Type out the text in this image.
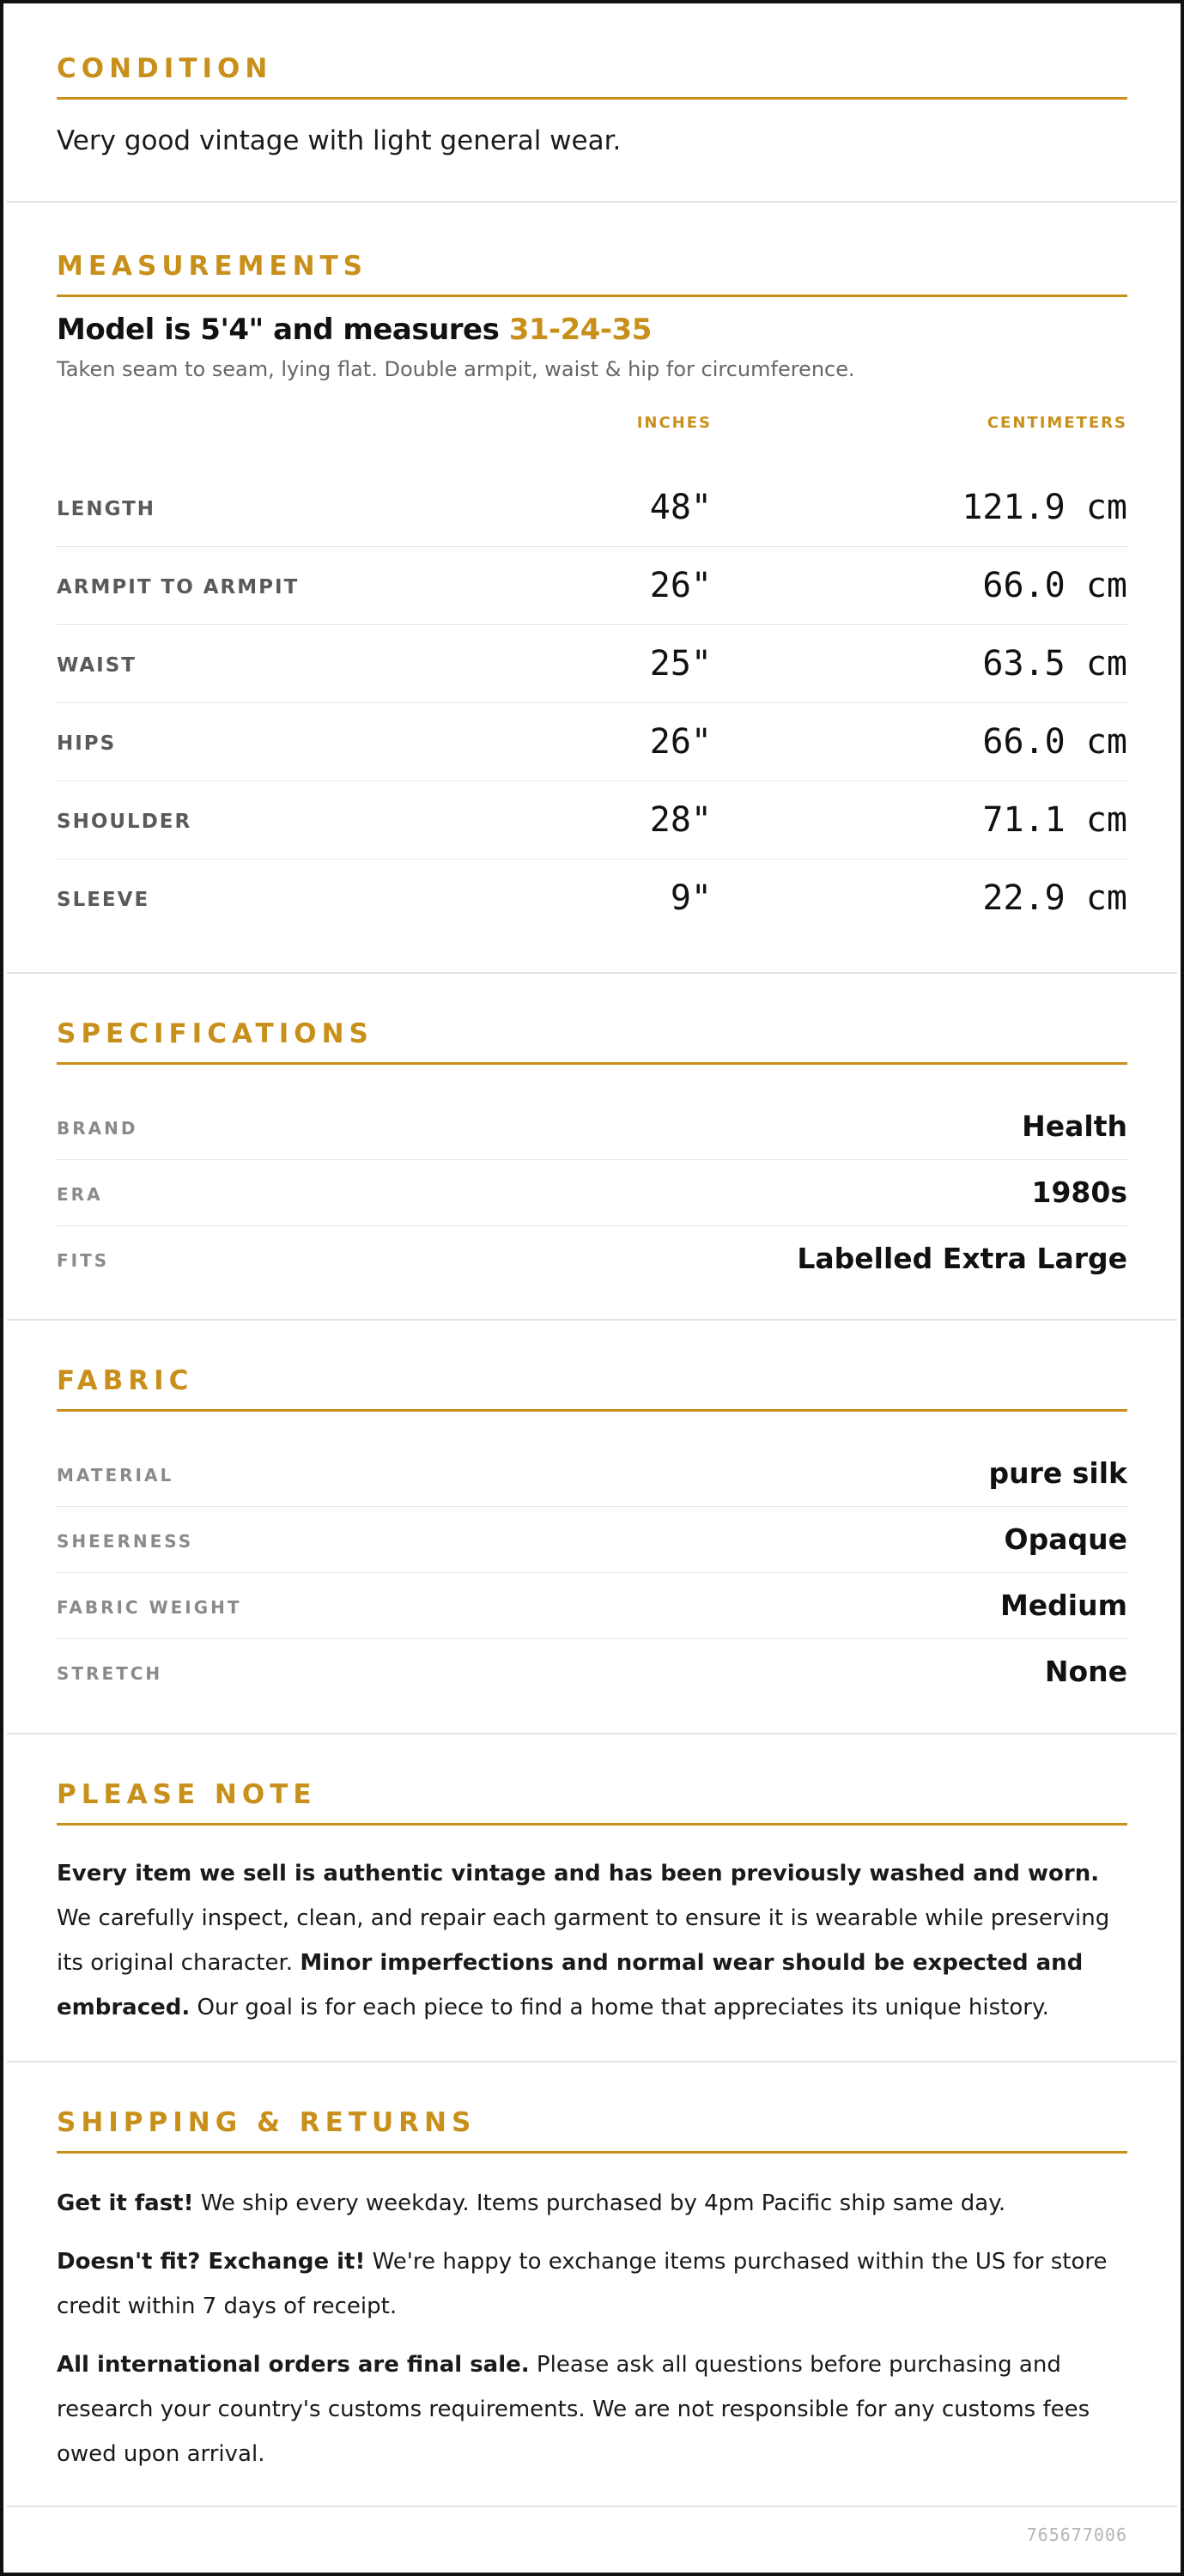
CONDITION
Very good vintage with light general wear.
MEASUREMENTS
Model is 5'4" and measures 31-24-35
Taken seam to seam, lying flat. Double armpit, waist & hip for circumference.
INCHES	CENTIMETERS
LENGTH	48"	121.9 cm
ARMPIT TO ARMPIT	26"	66.0 cm
WAIST	25"	63.5 cm
HIPS	26"	66.0 cm
SHOULDER	28"	71.1 cm
SLEEVE	9"	22.9 cm
SPECIFICATIONS
BRAND	Health
ERA	1980s
FITS	Labelled Extra Large
FABRIC
MATERIAL	pure silk
SHEERNESS	Opaque
FABRIC WEIGHT	Medium
STRETCH	None
PLEASE NOTE

Every item we sell is authentic vintage and has been previously washed and worn. We carefully inspect, clean, and repair each garment to ensure it is wearable while preserving its original character. Minor imperfections and normal wear should be expected and embraced. Our goal is for each piece to find a home that appreciates its unique history.

SHIPPING & RETURNS

Get it fast! We ship every weekday. Items purchased by 4pm Pacific ship same day.

Doesn't fit? Exchange it! We're happy to exchange items purchased within the US for store credit within 7 days of receipt.

All international orders are final sale. Please ask all questions before purchasing and research your country's customs requirements. We are not responsible for any customs fees owed upon arrival.

765677006
